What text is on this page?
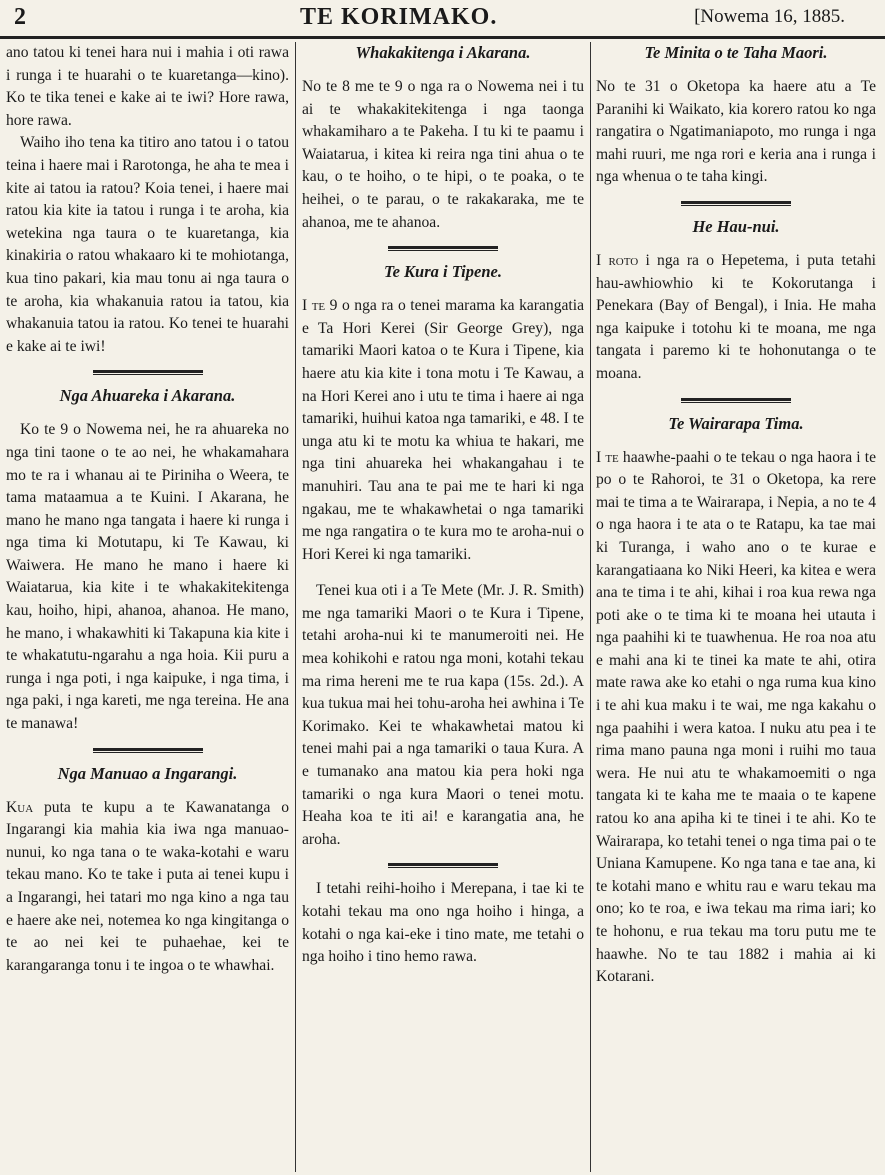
2	TE KORIMAKO.	[Nowema 16, 1885.

ano tatou ki tenei hara nui i mahia i oti rawa i runga i te huarahi o te kuaretanga—kino). Ko te tika tenei e kake ai te iwi? Hore rawa, hore rawa.

Waiho iho tena ka titiro ano tatou i o tatou teina i haere mai i Rarotonga, he aha te mea i kite ai tatou ia ratou? Koia tenei, i haere mai ratou kia kite ia tatou i runga i te aroha, kia wetekina nga taura o te kuaretanga, kia kinakiria o ratou whakaaro ki te mohiotanga, kua tino pakari, kia mau tonu ai nga taura o te aroha, kia whakanuia ratou ia tatou, kia whakanuia tatou ia ratou. Ko tenei te huarahi e kake ai te iwi!

Nga Ahuareka i Akarana.

Ko te 9 o Nowema nei, he ra ahuareka no nga tini taone o te ao nei, he whakamahara mo te ra i whanau ai te Pirinihа o Weera, te tama mataamua a te Kuini. I Akarana, he mano he mano nga tangata i haere ki runga i nga tima ki Motutapu, ki Te Kawau, ki Waiwera. He mano he mano i haere ki Waiatarua, kia kite i te whakakitekitenga kau, hoiho, hipi, ahanoa, ahanoa. He mano, he mano, i whakawhiti ki Takapuna kia kite i te whakatutu-ngarahu a nga hoia. Kii puru a runga i nga poti, i nga kaipuke, i nga tima, i nga paki, i nga kareti, me nga tereina. He ana te manawa!

Nga Manuao a Ingarangi.

Kua puta te kupu a te Kawanatanga o Ingarangi kia mahia kia iwa nga manuao-nunui, ko nga tana o te waka-kotahi e waru tekau mano. Ko te take i puta ai tenei kupu i a Ingarangi, hei tatari mo nga kino a nga tau e haere ake nei, notemea ko nga kingitanga o te ao nei kei te puhaehae, kei te karangaranga tonu i te ingoa o te whawhai.

Whakakitenga i Akarana.

No te 8 me te 9 o nga ra o Nowema nei i tu ai te whakakitekitenga i nga taonga whakamiharo a te Pakeha. I tu ki te paamu i Waiatarua, i kitea ki reira nga tini ahua o te kau, o te hoiho, o te hipi, o te poaka, o te heihei, o te parau, o te rakakaraka, me te ahanoa, me te ahanoa.

Te Kura i Tipene.

I te 9 o nga ra o tenei marama ka karangatia e Ta Hori Kerei (Sir George Grey), nga tamariki Maori katoa o te Kura i Tipene, kia haere atu kia kite i tona motu i Te Kawau, a na Hori Kerei ano i utu te tima i haere ai nga tamariki, huihui katoa nga tamariki, e 48. I te unga atu ki te motu ka whiua te hakari, me nga tini ahuareka hei whakangahau i te manuhiri. Tau ana te pai me te hari ki nga ngakau, me te whakawhetai o nga tamariki me nga rangatira o te kura mo te aroha-nui o Hori Kerei ki nga tamariki.

Tenei kua oti i a Te Mete (Mr. J. R. Smith) me nga tamariki Maori o te Kura i Tipene, tetahi aroha-nui ki te manumeroiti nei. He mea kohikohi e ratou nga moni, kotahi tekau ma rima hereni me te rua kapa (15s. 2d.). A kua tukua mai hei tohu-aroha hei awhina i Te Korimako. Kei te whakawhetai matou ki tenei mahi pai a nga tamariki o taua Kura. A e tumanako ana matou kia pera hoki nga tamariki o nga kura Maori o tenei motu. Heaha koa te iti ai! e karangatia ana, he aroha.

I tetahi reihi-hoiho i Merepana, i tae ki te kotahi tekau ma ono nga hoiho i hinga, a kotahi o nga kai-eke i tino mate, me tetahi o nga hoiho i tino hemo rawa.

Te Minita o te Taha Maori.

No te 31 o Oketopa ka haere atu a Te Paranihi ki Waikato, kia korero ratou ko nga rangatira o Ngatimaniapoto, mo runga i nga mahi ruuri, me nga rori e keria ana i runga i nga whenua o te taha kingi.

He Hau-nui.

I roto i nga ra o Hepetema, i puta tetahi hau-awhiowhio ki te Kokorutanga i Penekara (Bay of Bengal), i Inia. He maha nga kaipuke i totohu ki te moana, me nga tangata i paremo ki te hohonutanga o te moana.

Te Wairarapa Tima.

I te haawhe-paahi o te tekau o nga haora i te po o te Rahoroi, te 31 o Oketopa, ka rere mai te tima a te Wairarapa, i Nepia, a no te 4 o nga haora i te ata o te Ratapu, ka tae mai ki Turanga, i waho ano o te kurae e karangatiaana ko Niki Heeri, ka kitea e wera ana te tima i te ahi, kihai i roa kua rewa nga poti ake o te tima ki te moana hei utauta i nga paahihi ki te tuawhenua. He roa noa atu e mahi ana ki te tinei ka mate te ahi, otira mate rawa ake ko etahi o nga ruma kua kino i te ahi kua maku i te wai, me nga kakahu o nga paahihi i wera katoa. I nuku atu pea i te rima mano pauna nga moni i ruihi mo taua wera. He nui atu te whakamoemiti o nga tangata ki te kaha me te maaia o te kapene ratou ko ana apiha ki te tinei i te ahi. Ko te Wairarapa, ko tetahi tenei o nga tima pai o te Uniana Kamupene. Ko nga tana e tae ana, ki te kotahi mano e whitu rau e waru tekau ma ono; ko te roa, e iwa tekau ma rima iari; ko te hohonu, e rua tekau ma toru putu me te haawhe. No te tau 1882 i mahia ai ki Kotarani.
